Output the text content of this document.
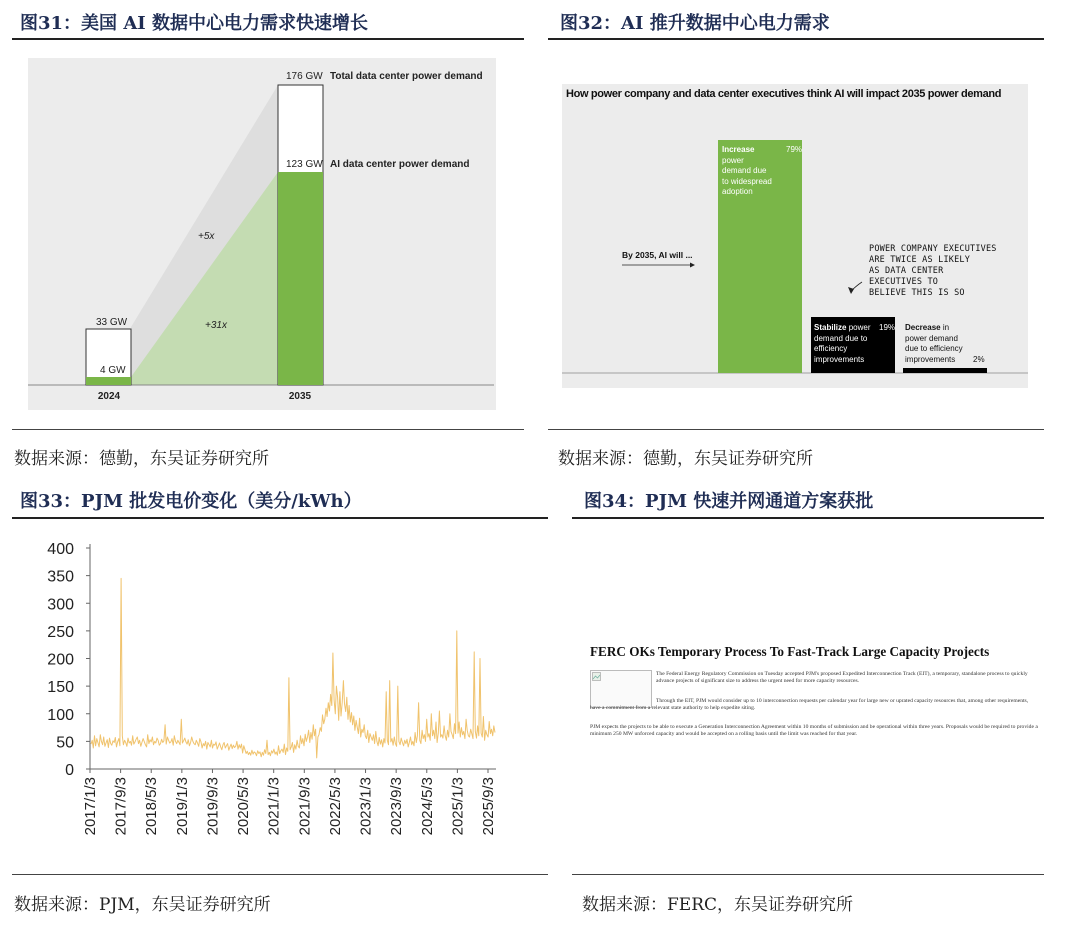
图31：美国 AI 数据中心电力需求快速增长
33 GW
4 GW
176 GW
123 GW
Total data center power demand
AI data center power demand
+5x
+31x
2024	2035
数据来源：德勤，东吴证券研究所
图32：AI 推升数据中心电力需求
How power company and data center executives think AI will impact 2035 power demand
By 2035, AI will ...
Increase power demand due to widespread adoption
79%
Stabilize power demand due to efficiency improvements
19% Decrease in power demand due to efficiency improvements	2%
POWER COMPANY EXECUTIVES
ARE TWICE AS LIKELY
AS DATA CENTER
EXECUTIVES TO
BELIEVE THIS IS SO
数据来源：德勤，东吴证券研究所
图33：PJM 批发电价变化（美分/kWh）
0
50
100
150
200
250
300
350
400
2017/1/3 2017/9/3 2018/5/3 2019/1/3 2019/9/3 2020/5/3 2021/1/3 2021/9/3 2022/5/3 2023/1/3 2023/9/3 2024/5/3 2025/1/3 2025/9/3
数据来源：PJM，东吴证券研究所
图34：PJM 快速并网通道方案获批
FERC OKs Temporary Process To Fast-Track Large Capacity Projects
The Federal Energy Regulatory Commission on Tuesday accepted PJM's proposed Expedited Interconnection Track (EIT), a temporary, standalone process to quickly advance projects of significant size to address the urgent need for more capacity resources.
Through the EIT, PJM would consider up to 10 interconnection requests per calendar year for large new or uprated capacity resources that, among other requirements, have a commitment from a relevant state authority to help expedite siting.
PJM expects the projects to be able to execute a Generation Interconnection Agreement within 10 months of submission and be operational within three years. Proposals would be required to provide a minimum 250 MW unforced capacity and would be accepted on a rolling basis until the limit was reached for that year.
数据来源：FERC，东吴证券研究所
